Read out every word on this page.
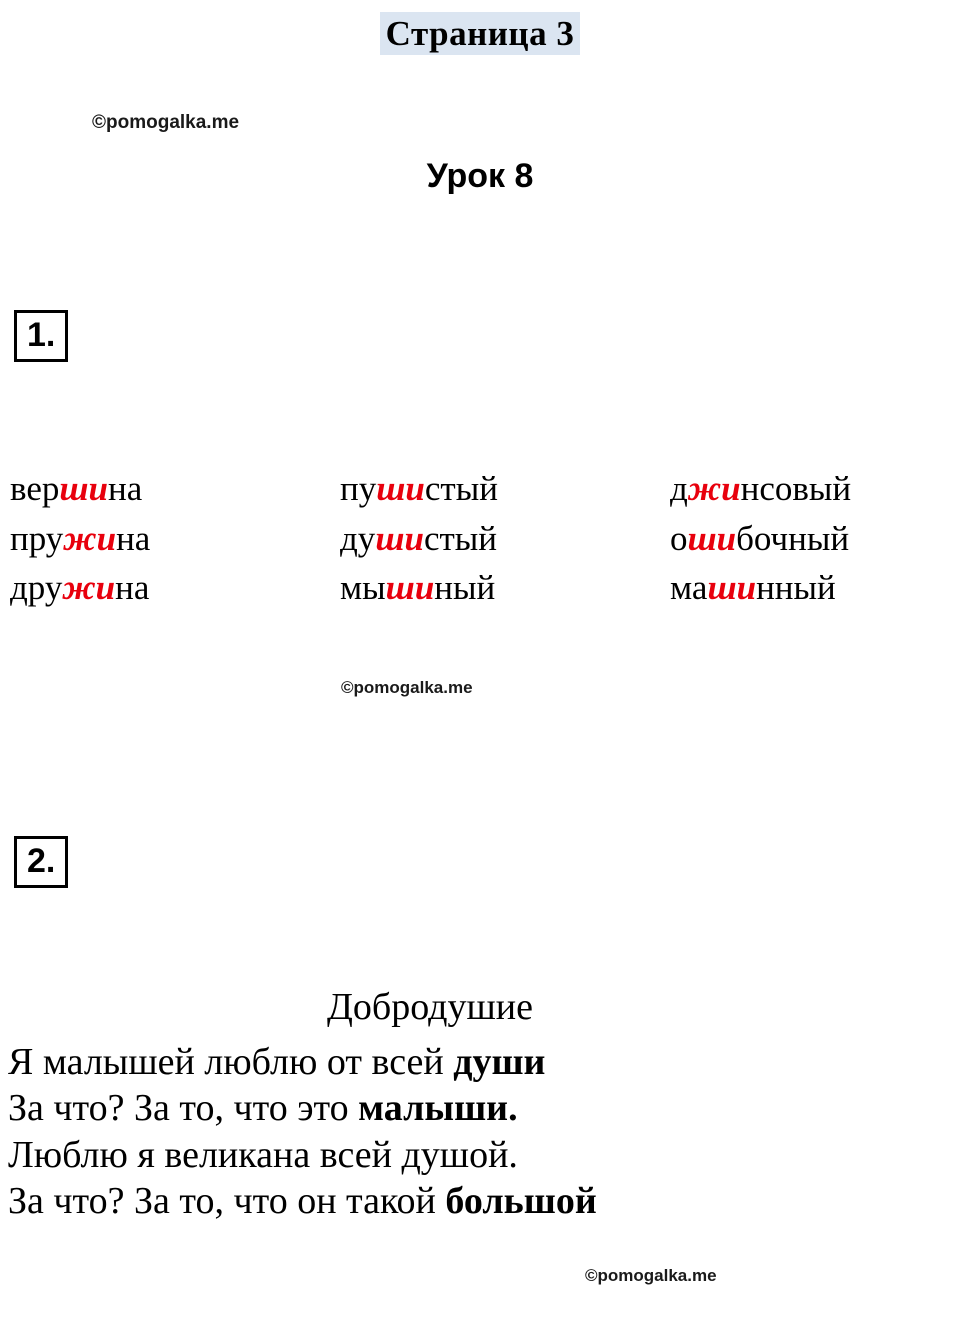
Страница 3
©pomogalka.me
Урок 8
1.
вершина
пружина
дружина
пушистый
душистый
мышиный
джинсовый
ошибочный
машинный
©pomogalka.me
2.
Добродушие
Я малышей люблю от всей души
За что? За то, что это малыши.
Люблю я великана всей душой.
За что? За то, что он такой большой
©pomogalka.me
